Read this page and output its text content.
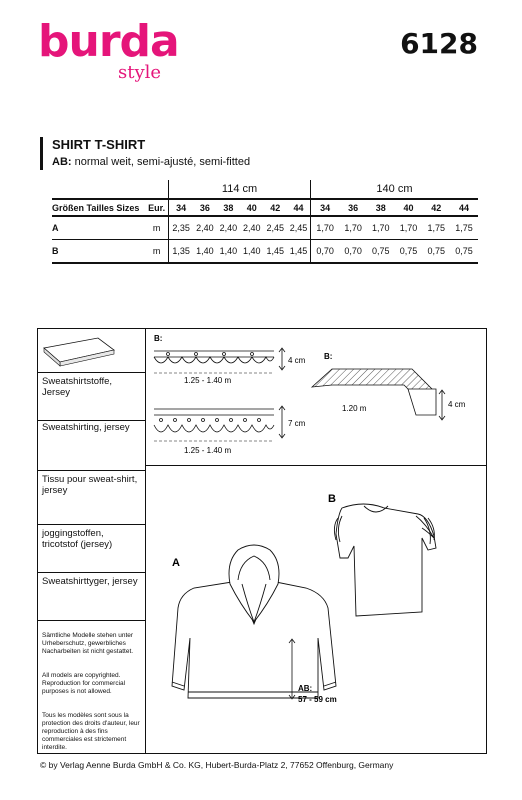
burda
style
6128
SHIRT T-SHIRT
AB: normal weit, semi-ajusté, semi-fitted
		114 cm						140 cm					
Größen Tailles Sizes	Eur.	34	36	38	40	42	44	34	36	38	40	42	44
A	m	2,35	2,40	2,40	2,40	2,45	2,45	1,70	1,70	1,70	1,70	1,75	1,75
B	m	1,35	1,40	1,40	1,40	1,45	1,45	0,70	0,70	0,75	0,75	0,75	0,75
Sweatshirtstoffe, Jersey
Sweatshirting, jersey
Tissu pour sweat-shirt, jersey
joggingstoffen, tricotstof (jersey)
Sweatshirttyger, jersey
Sämtliche Modelle stehen unter Urheberschutz, gewerbliches Nacharbeiten ist nicht gestattet.
All models are copyrighted. Reproduction for commercial purposes is not allowed.
Tous les modèles sont sous la protection des droits d'auteur, leur reproduction à des fins commerciales est strictement interdite.
B:
1.25 - 1.40 m
4 cm
1.25 - 1.40 m
7 cm
B:
1.20 m	4 cm
B
A
AB:
57 - 59 cm
© by Verlag Aenne Burda GmbH & Co. KG, Hubert-Burda-Platz 2, 77652 Offenburg, Germany
